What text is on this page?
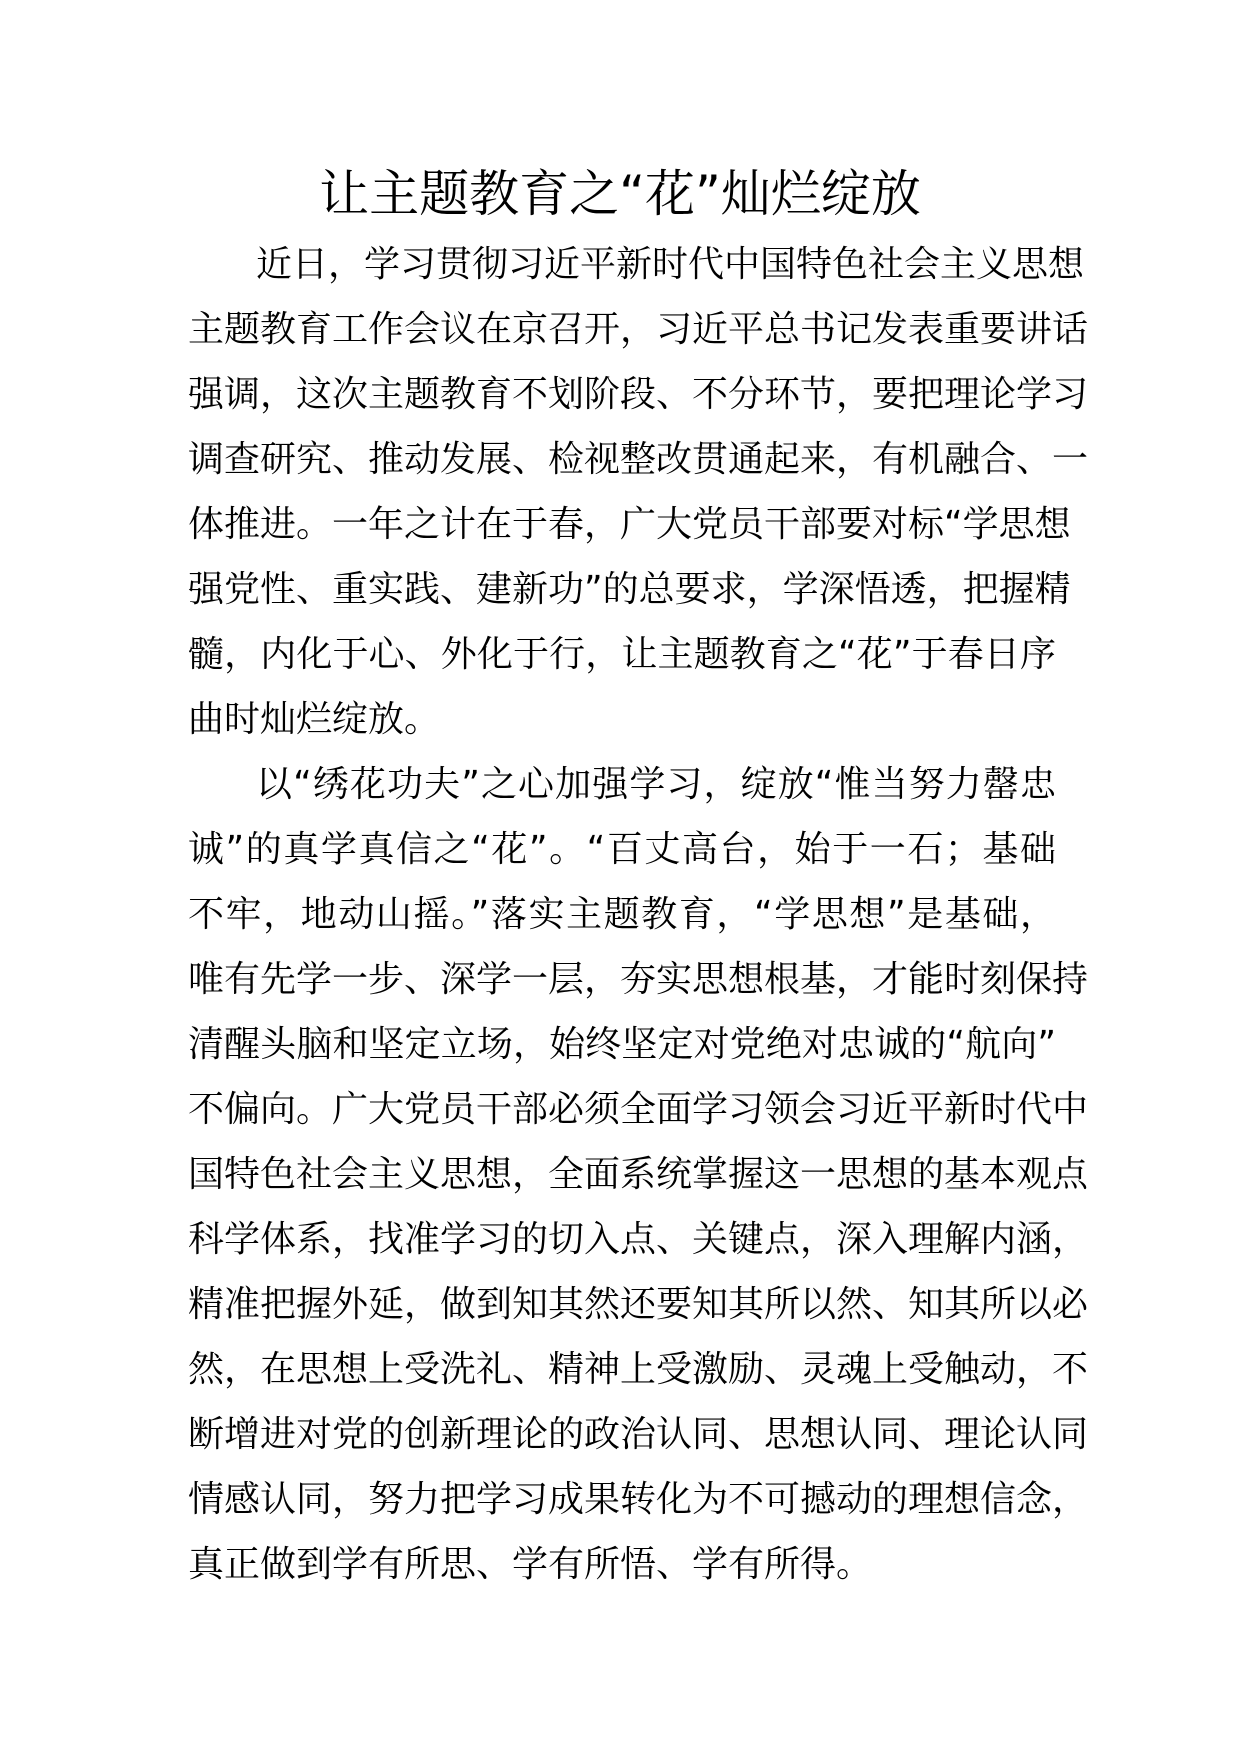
让主题教育之“花”灿烂绽放
近日，学习贯彻习近平新时代中国特色社会主义思想
主题教育工作会议在京召开，习近平总书记发表重要讲话
强调，这次主题教育不划阶段、不分环节，要把理论学习
调查研究、推动发展、检视整改贯通起来，有机融合、一
体推进。一年之计在于春，广大党员干部要对标“学思想
强党性、重实践、建新功”的总要求，学深悟透，把握精
髓，内化于心、外化于行，让主题教育之“花”于春日序
曲时灿烂绽放。
以“绣花功夫”之心加强学习，绽放“惟当努力罄忠
诚”的真学真信之“花”。“百丈高台，始于一石；基础
不牢，地动山摇。”落实主题教育，“学思想”是基础，
唯有先学一步、深学一层，夯实思想根基，才能时刻保持
清醒头脑和坚定立场，始终坚定对党绝对忠诚的“航向”
不偏向。广大党员干部必须全面学习领会习近平新时代中
国特色社会主义思想，全面系统掌握这一思想的基本观点
科学体系，找准学习的切入点、关键点，深入理解内涵，
精准把握外延，做到知其然还要知其所以然、知其所以必
然，在思想上受洗礼、精神上受激励、灵魂上受触动，不
断增进对党的创新理论的政治认同、思想认同、理论认同
情感认同，努力把学习成果转化为不可撼动的理想信念，
真正做到学有所思、学有所悟、学有所得。
